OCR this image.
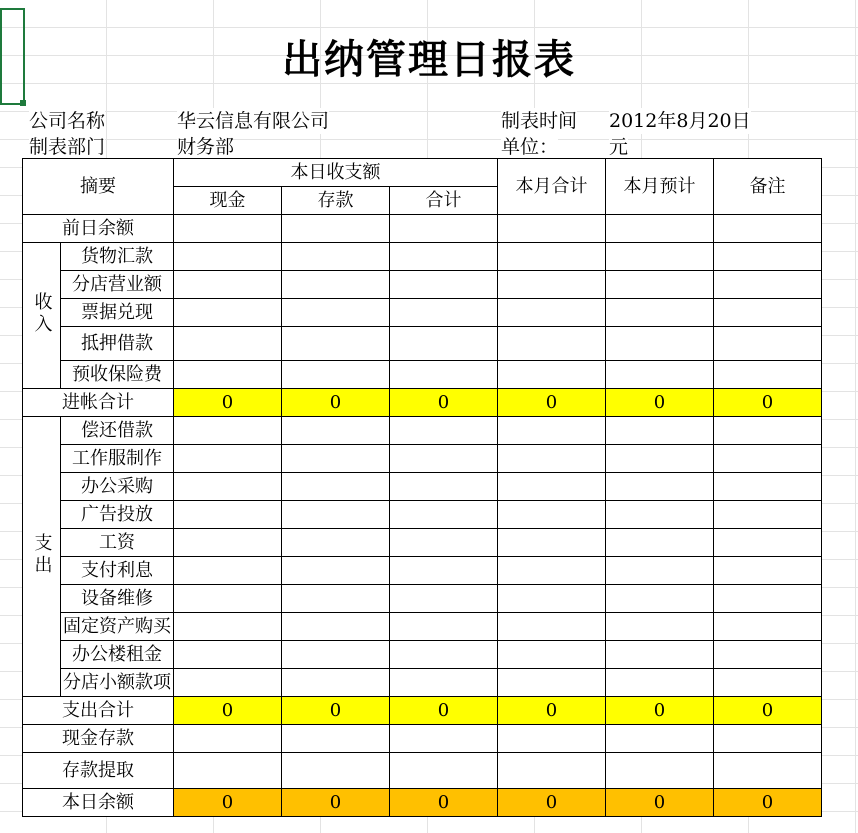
出纳管理日报表
公司名称	华云信息有限公司	制表时间 2012年8月20日
制表部门	财务部	单位：	元
摘要		本日收支额			本月合计	本月预计	备注
		现金	存款	合计			
前日余额							
收入	货物汇款						
	分店营业额						
	票据兑现						
	抵押借款						
	预收保险费						
进帐合计		0	0	0	0	0	0
支出	偿还借款						
	工作服制作						
	办公采购						
	广告投放						
	工资						
	支付利息						
	设备维修						
	固定资产购买						
	办公楼租金						
	分店小额款项						
支出合计		0	0	0	0	0	0
现金存款							
存款提取							
本日余额		0	0	0	0	0	0
